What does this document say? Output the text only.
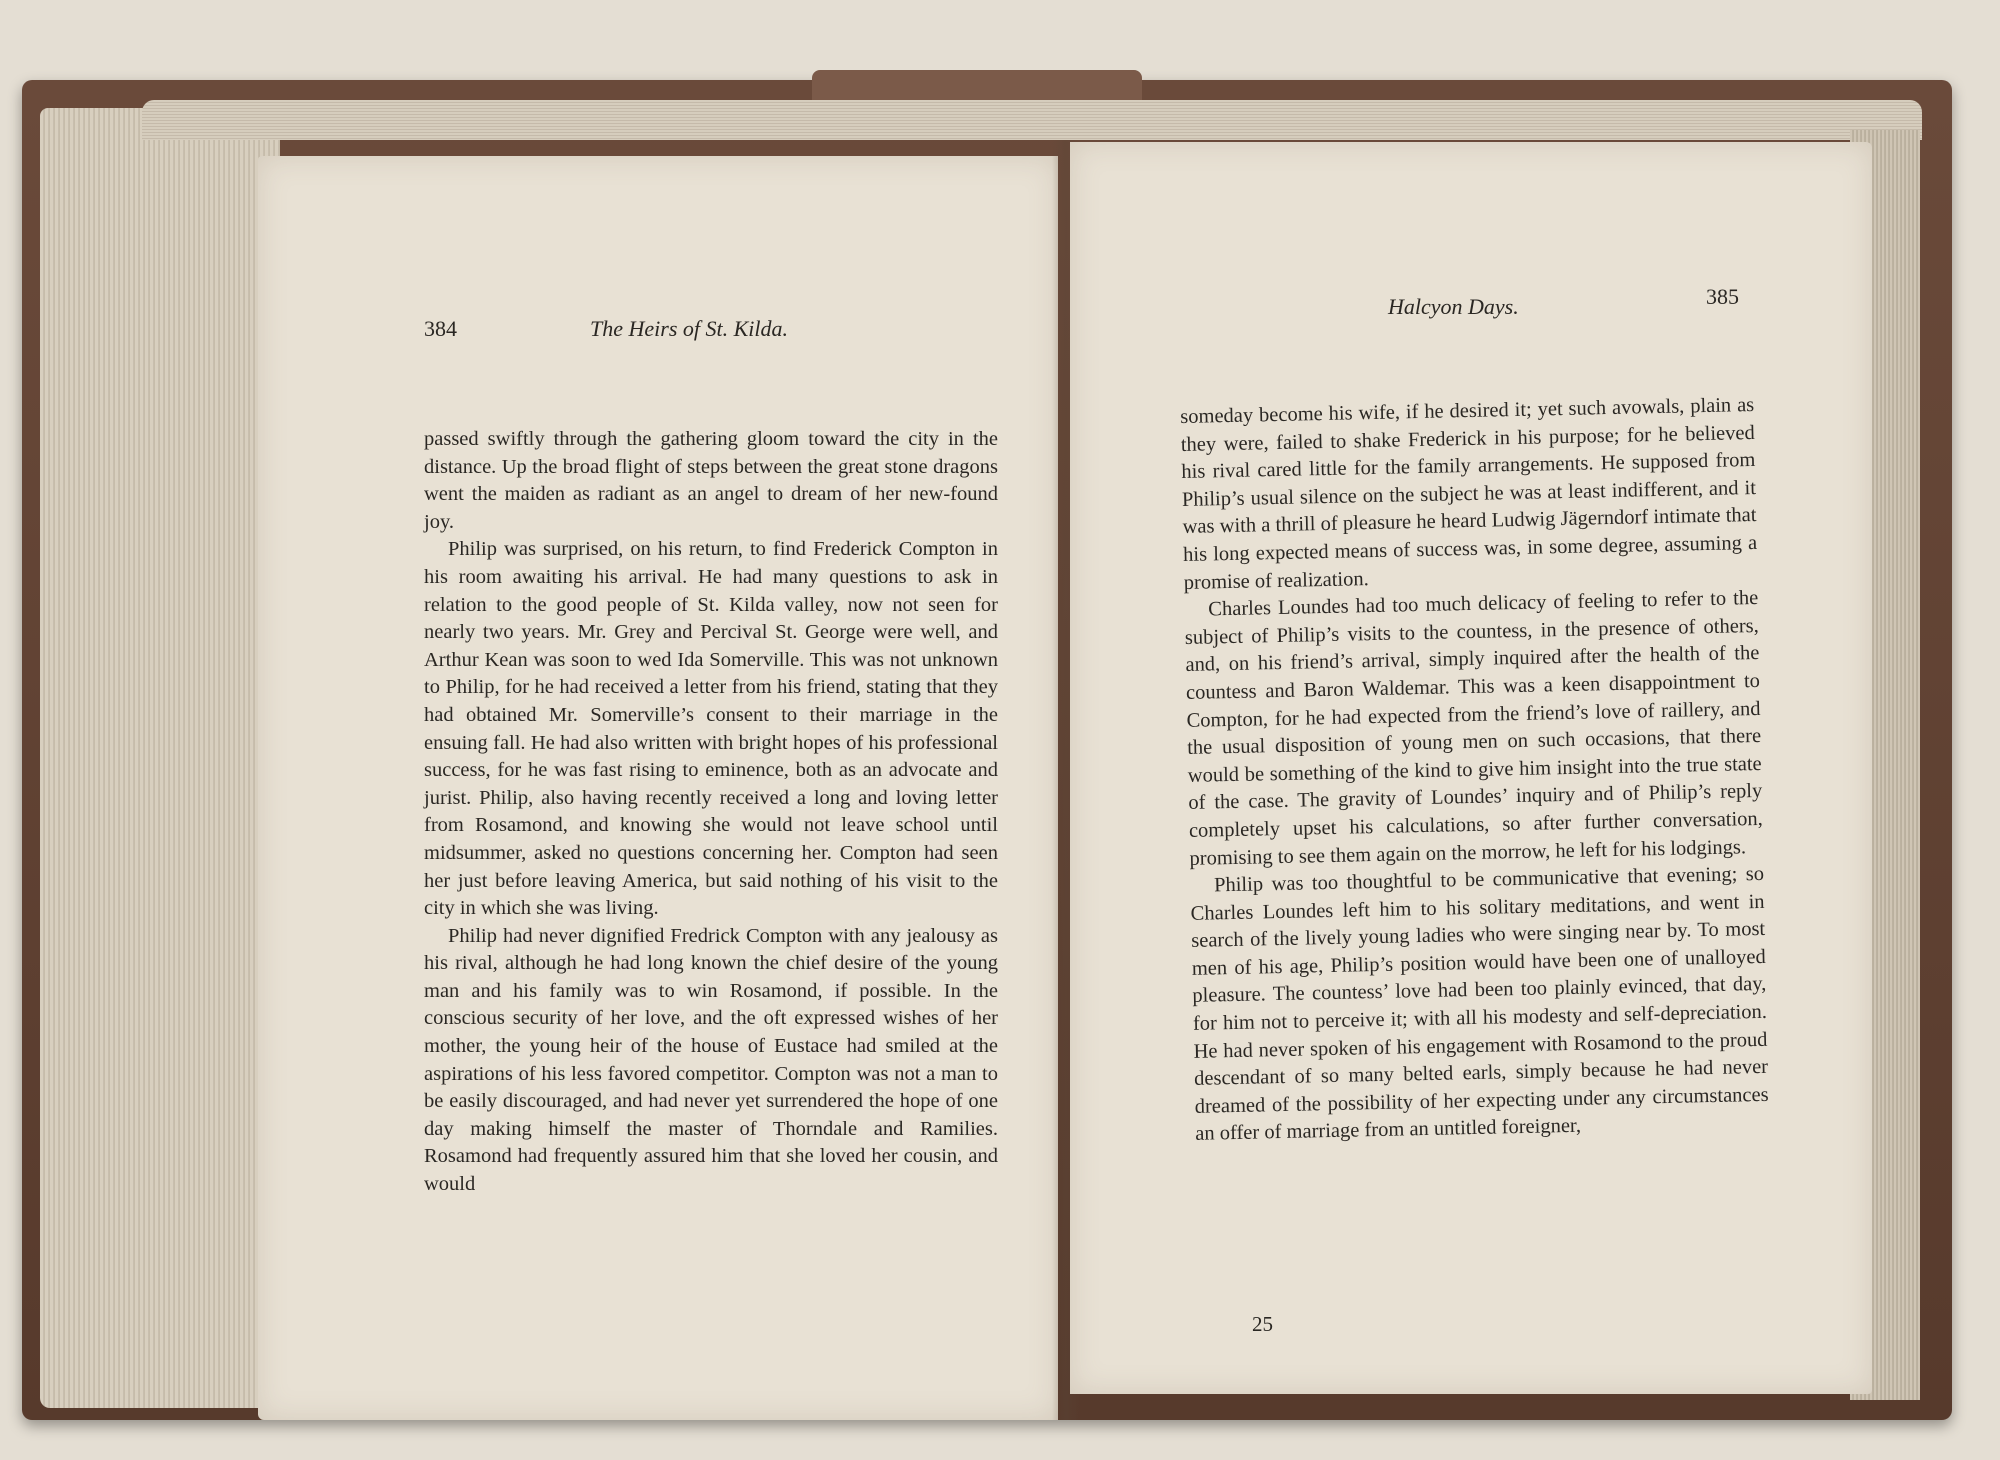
384	The Heirs of St. Kilda.

passed swiftly through the gathering gloom toward the city in the distance. Up the broad flight of steps between the great stone dragons went the maiden as radiant as an angel to dream of her new-found joy.

Philip was surprised, on his return, to find Frederick Compton in his room awaiting his arrival. He had many questions to ask in relation to the good people of St. Kilda valley, now not seen for nearly two years. Mr. Grey and Percival St. George were well, and Arthur Kean was soon to wed Ida Somerville. This was not unknown to Philip, for he had received a letter from his friend, stating that they had obtained Mr. Somerville’s consent to their marriage in the ensuing fall. He had also written with bright hopes of his professional success, for he was fast rising to eminence, both as an advocate and jurist. Philip, also having recently received a long and loving letter from Rosamond, and knowing she would not leave school until midsummer, asked no questions concerning her. Compton had seen her just before leaving America, but said nothing of his visit to the city in which she was living.

Philip had never dignified Fredrick Compton with any jealousy as his rival, although he had long known the chief desire of the young man and his family was to win Rosamond, if possible. In the conscious security of her love, and the oft expressed wishes of her mother, the young heir of the house of Eustace had smiled at the aspirations of his less favored competitor. Compton was not a man to be easily discouraged, and had never yet surrendered the hope of one day making himself the master of Thorndale and Ramilies. Rosamond had frequently assured him that she loved her cousin, and would

Halcyon Days.	385

someday become his wife, if he desired it; yet such avowals, plain as they were, failed to shake Frederick in his purpose; for he believed his rival cared little for the family arrangements. He supposed from Philip’s usual silence on the subject he was at least indifferent, and it was with a thrill of pleasure he heard Ludwig Jägerndorf intimate that his long expected means of success was, in some degree, assuming a promise of realization.

Charles Loundes had too much delicacy of feeling to refer to the subject of Philip’s visits to the countess, in the presence of others, and, on his friend’s arrival, simply inquired after the health of the countess and Baron Waldemar. This was a keen disappointment to Compton, for he had expected from the friend’s love of raillery, and the usual disposition of young men on such occasions, that there would be something of the kind to give him insight into the true state of the case. The gravity of Loundes’ inquiry and of Philip’s reply completely upset his calculations, so after further conversation, promising to see them again on the morrow, he left for his lodgings.

Philip was too thoughtful to be communicative that evening; so Charles Loundes left him to his solitary meditations, and went in search of the lively young ladies who were singing near by. To most men of his age, Philip’s position would have been one of unalloyed pleasure. The countess’ love had been too plainly evinced, that day, for him not to perceive it; with all his modesty and self-depreciation. He had never spoken of his engagement with Rosamond to the proud descendant of so many belted earls, simply because he had never dreamed of the possibility of her expecting under any circumstances an offer of marriage from an untitled foreigner,

25
